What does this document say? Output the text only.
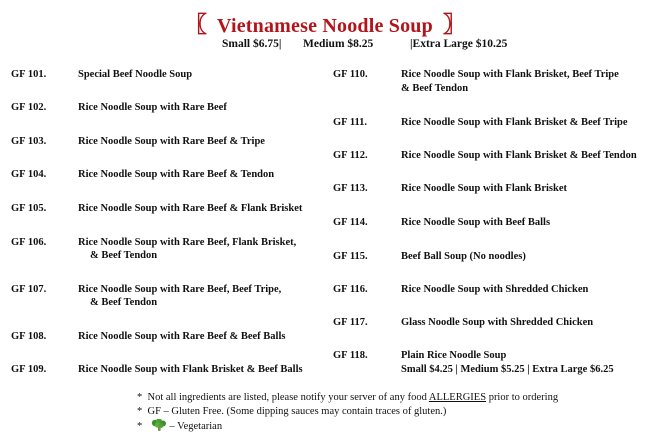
〖 Vietnamese Noodle Soup 〗
Small $6.75| Medium $8.25	|Extra Large $10.25
GF 101.	Special Beef Noodle Soup
GF 102.	Rice Noodle Soup with Rare Beef
GF 103.	Rice Noodle Soup with Rare Beef & Tripe
GF 104.	Rice Noodle Soup with Rare Beef & Tendon
GF 105.	Rice Noodle Soup with Rare Beef & Flank Brisket
GF 106.	Rice Noodle Soup with Rare Beef, Flank Brisket,
& Beef Tendon
GF 107.	Rice Noodle Soup with Rare Beef, Beef Tripe,
& Beef Tendon
GF 108.	Rice Noodle Soup with Rare Beef & Beef Balls
GF 109.	Rice Noodle Soup with Flank Brisket & Beef Balls
GF 110.	Rice Noodle Soup with Flank Brisket, Beef Tripe
& Beef Tendon
GF 111.	Rice Noodle Soup with Flank Brisket & Beef Tripe
GF 112.	Rice Noodle Soup with Flank Brisket & Beef Tendon
GF 113.	Rice Noodle Soup with Flank Brisket
GF 114.	Rice Noodle Soup with Beef Balls
GF 115.	Beef Ball Soup (No noodles)
GF 116.	Rice Noodle Soup with Shredded Chicken
GF 117.	Glass Noodle Soup with Shredded Chicken
GF 118.	Plain Rice Noodle Soup
Small $4.25 | Medium $5.25 | Extra Large $6.25
* Not all ingredients are listed, please notify your server of any food ALLERGIES prior to ordering
* GF – Gluten Free. (Some dipping sauces may contain traces of gluten.)
*	– Vegetarian
